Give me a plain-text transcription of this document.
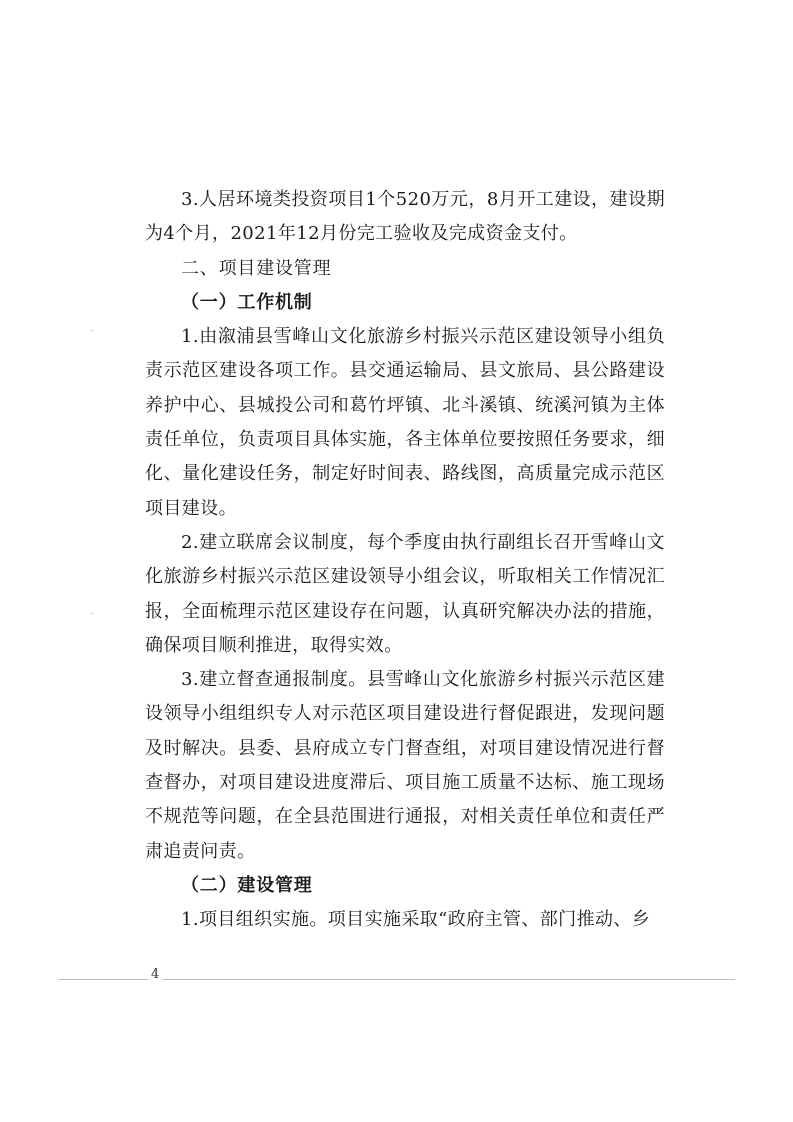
3.人居环境类投资项目1个520万元，8月开工建设，建设期为4个月，2021年12月份完工验收及完成资金支付。

二、项目建设管理

（一）工作机制

1.由溆浦县雪峰山文化旅游乡村振兴示范区建设领导小组负责示范区建设各项工作。县交通运输局、县文旅局、县公路建设养护中心、县城投公司和葛竹坪镇、北斗溪镇、统溪河镇为主体责任单位，负责项目具体实施，各主体单位要按照任务要求，细化、量化建设任务，制定好时间表、路线图，高质量完成示范区项目建设。

2.建立联席会议制度，每个季度由执行副组长召开雪峰山文化旅游乡村振兴示范区建设领导小组会议，听取相关工作情况汇报，全面梳理示范区建设存在问题，认真研究解决办法的措施，确保项目顺利推进，取得实效。

3.建立督查通报制度。县雪峰山文化旅游乡村振兴示范区建设领导小组组织专人对示范区项目建设进行督促跟进，发现问题及时解决。县委、县府成立专门督查组，对项目建设情况进行督查督办，对项目建设进度滞后、项目施工质量不达标、施工现场不规范等问题，在全县范围进行通报，对相关责任单位和责任严肃追责问责。

（二）建设管理

1.项目组织实施。项目实施采取“政府主管、部门推动、乡

4
